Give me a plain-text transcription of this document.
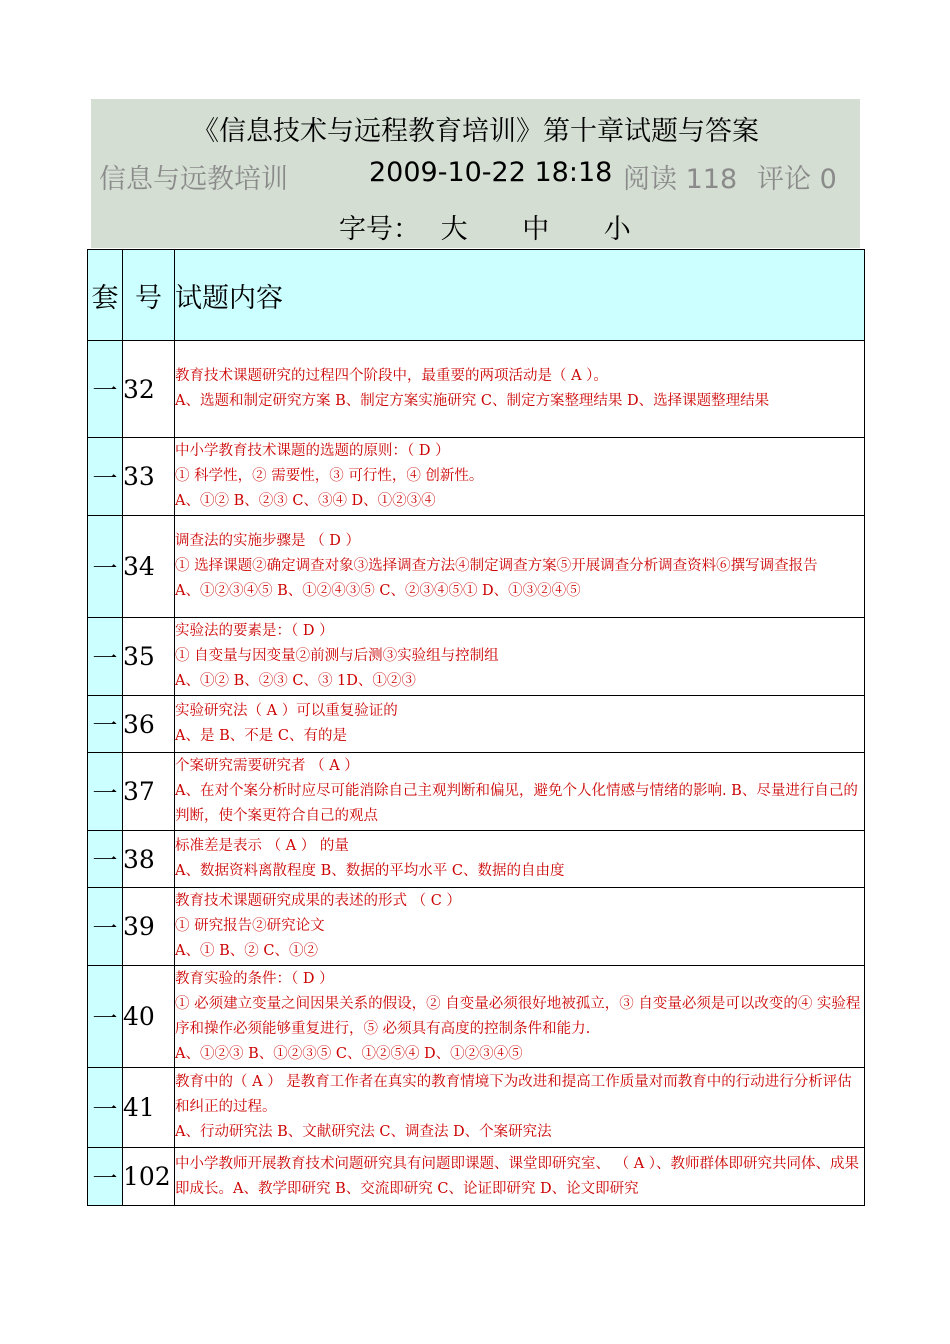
《信息技术与远程教育培训》第十章试题与答案
信息与远教培训	2009-10-22 18:18 阅读 118 评论 0
字号： 大 中 小
套	号	试题内容
一	32	教育技术课题研究的过程四个阶段中，最重要的两项活动是（ A ）。
A、选题和制定研究方案 B、制定方案实施研究 C、制定方案整理结果 D、选择课题整理结果

一	33	中小学教育技术课题的选题的原则：（ D ）
① 科学性，② 需要性，③ 可行性，④ 创新性。
A、①② B、②③ C、③④ D、①②③④

一	34	调查法的实施步骤是 （ D ）
① 选择课题②确定调查对象③选择调查方法④制定调查方案⑤开展调查分析调查资料⑥撰写调查报告
A、①②③④⑤ B、①②④③⑤ C、②③④⑤① D、①③②④⑤

一	35	实验法的要素是：（ D ）
① 自变量与因变量②前测与后测③实验组与控制组
A、①② B、②③ C、③ 1D、①②③

一	36	实验研究法（ A ）可以重复验证的
A、是 B、不是 C、有的是

一	37	个案研究需要研究者 （ A ）
A、在对个案分析时应尽可能消除自己主观判断和偏见，避免个人化情感与情绪的影响. B、尽量进行自己的判断，使个案更符合自己的观点

一	38	标准差是表示 （ A ） 的量
A、数据资料离散程度 B、数据的平均水平 C、数据的自由度

一	39	教育技术课题研究成果的表述的形式 （ C ）
① 研究报告②研究论文
A、① B、② C、①②

一	40	教育实验的条件：（ D ）
① 必须建立变量之间因果关系的假设，② 自变量必须很好地被孤立，③ 自变量必须是可以改变的④ 实验程序和操作必须能够重复进行，⑤ 必须具有高度的控制条件和能力.
A、①②③ B、①②③⑤ C、①②⑤④ D、①②③④⑤

一	41	教育中的（ A ） 是教育工作者在真实的教育情境下为改进和提高工作质量对而教育中的行动进行分析评估和纠正的过程。
A、行动研究法 B、文献研究法 C、调查法 D、个案研究法

一	102	中小学教师开展教育技术问题研究具有问题即课题、课堂即研究室、 （ A ）、教师群体即研究共同体、成果即成长。A、教学即研究 B、交流即研究 C、论证即研究 D、论文即研究
